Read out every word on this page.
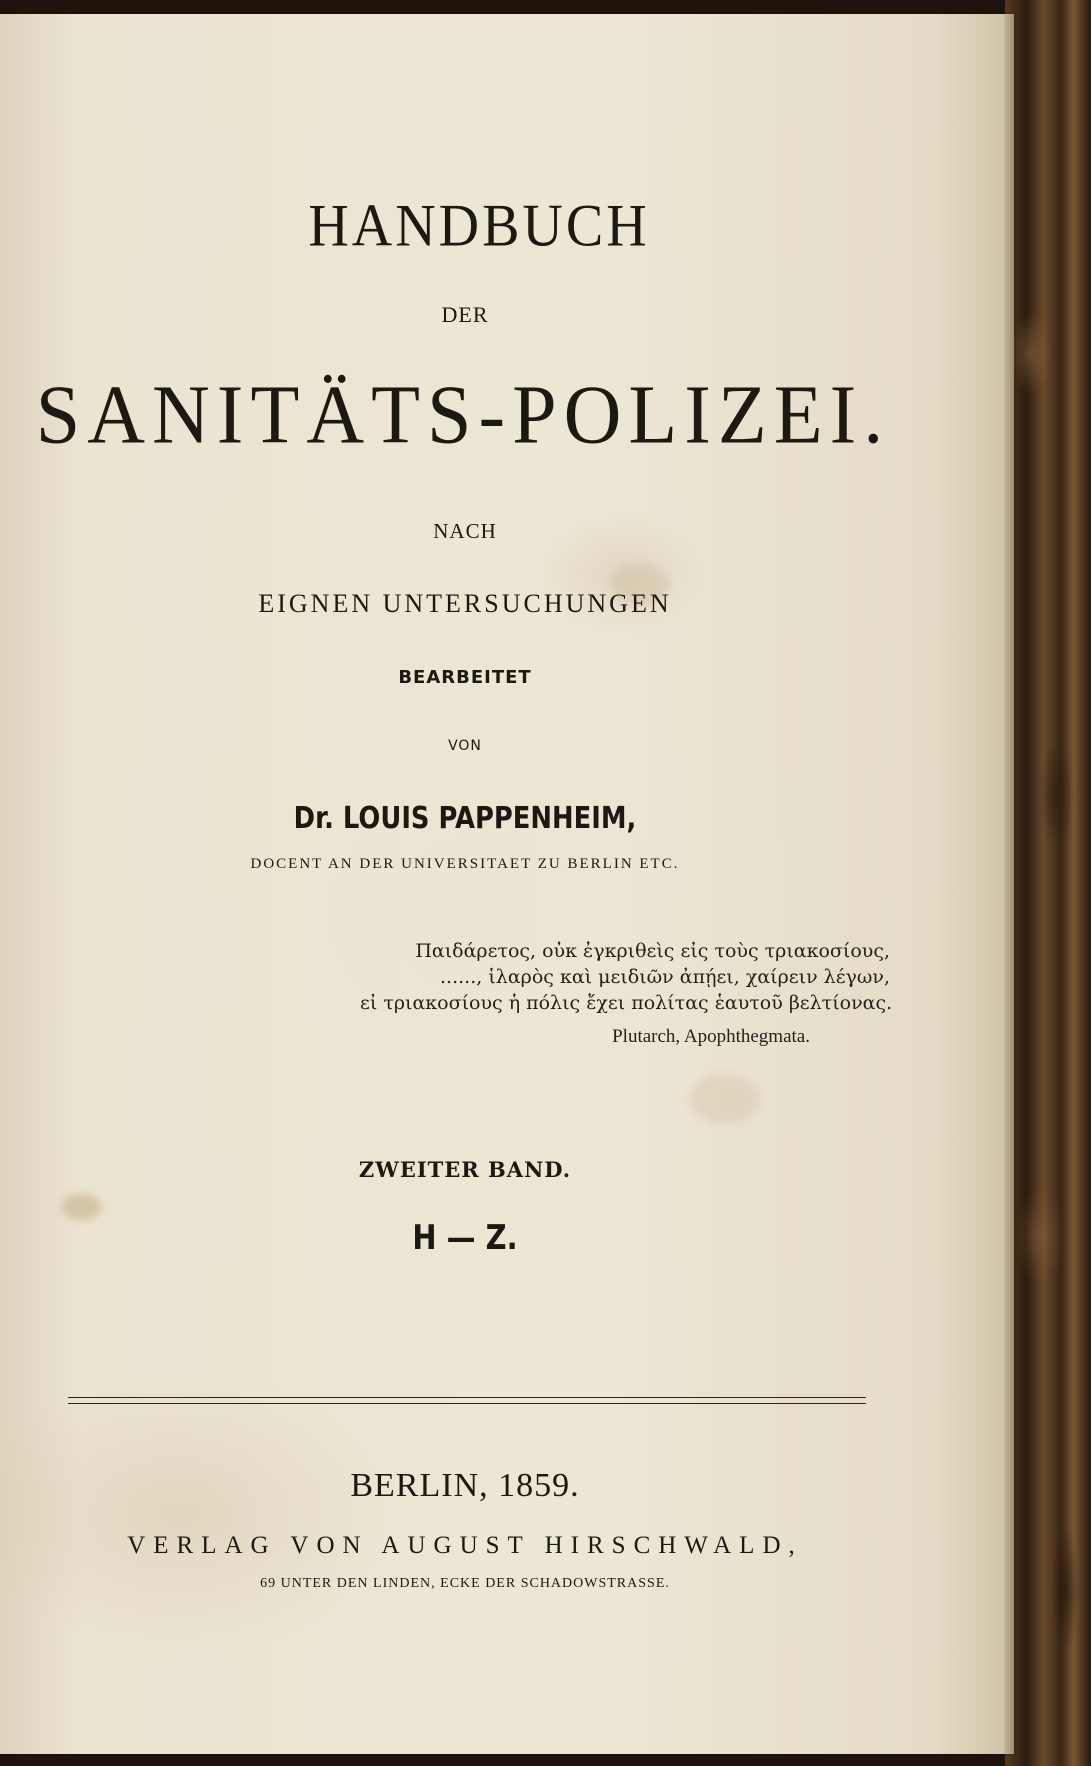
HANDBUCH
DER
SANITÄTS-POLIZEI.
NACH
EIGNEN UNTERSUCHUNGEN
BEARBEITET
VON
Dr. LOUIS PAPPENHEIM,
DOCENT AN DER UNIVERSITAET ZU BERLIN ETC.
Παιδάρετος, οὐκ ἐγκριθεὶς εἰς τοὺς τριακοσίους,
......, ἱλαρὸς καὶ μειδιῶν ἀπῄει, χαίρειν λέγων,
εἰ τριακοσίους ἡ πόλις ἔχει πολίτας ἑαυτοῦ βελτίονας.
Plutarch, Apophthegmata.
ZWEITER BAND.
H — Z.
BERLIN, 1859.
VERLAG VON AUGUST HIRSCHWALD,
69 UNTER DEN LINDEN, ECKE DER SCHADOWSTRASSE.
